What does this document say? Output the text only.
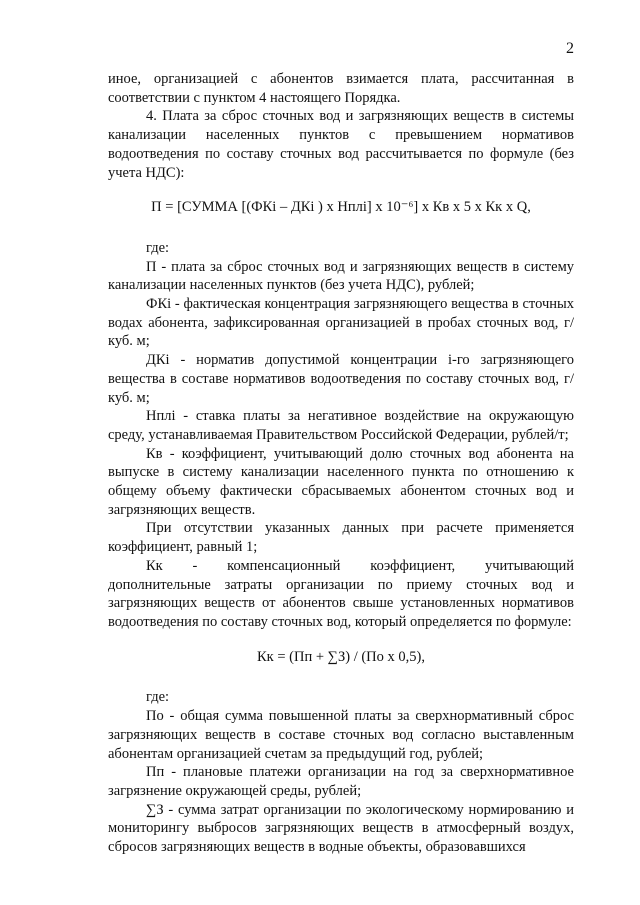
2

иное, организацией с абонентов взимается плата, рассчитанная в соответствии с пунктом 4 настоящего Порядка.

4. Плата за сброс сточных вод и загрязняющих веществ в системы канализации населенных пунктов с превышением нормативов водоотведения по составу сточных вод рассчитывается по формуле (без учета НДС):

П = [СУММА [(ФКi – ДКi ) х Hплi] х 10⁻⁶] х Кв х 5 х Кк х Q,

где:

П - плата за сброс сточных вод и загрязняющих веществ в систему канализации населенных пунктов (без учета НДС), рублей;

ФКi - фактическая концентрация загрязняющего вещества в сточных водах абонента, зафиксированная организацией в пробах сточных вод, г/куб. м;

ДКi - норматив допустимой концентрации i-го загрязняющего вещества в составе нормативов водоотведения по составу сточных вод, г/куб. м;

Hплi - ставка платы за негативное воздействие на окружающую среду, устанавливаемая Правительством Российской Федерации, рублей/т;

Кв - коэффициент, учитывающий долю сточных вод абонента на выпуске в систему канализации населенного пункта по отношению к общему объему фактически сбрасываемых абонентом сточных вод и загрязняющих веществ.

При отсутствии указанных данных при расчете применяется коэффициент, равный 1;

Кк - компенсационный коэффициент, учитывающий дополнительные затраты организации по приему сточных вод и загрязняющих веществ от абонентов свыше установленных нормативов водоотведения по составу сточных вод, который определяется по формуле:

Кк = (Пп + ∑З) / (По х 0,5),

где:

По - общая сумма повышенной платы за сверхнормативный сброс загрязняющих веществ в составе сточных вод согласно выставленным абонентам организацией счетам за предыдущий год, рублей;

Пп - плановые платежи организации на год за сверхнормативное загрязнение окружающей среды, рублей;

∑З - сумма затрат организации по экологическому нормированию и мониторингу выбросов загрязняющих веществ в атмосферный воздух, сбросов загрязняющих веществ в водные объекты, образовавшихся
